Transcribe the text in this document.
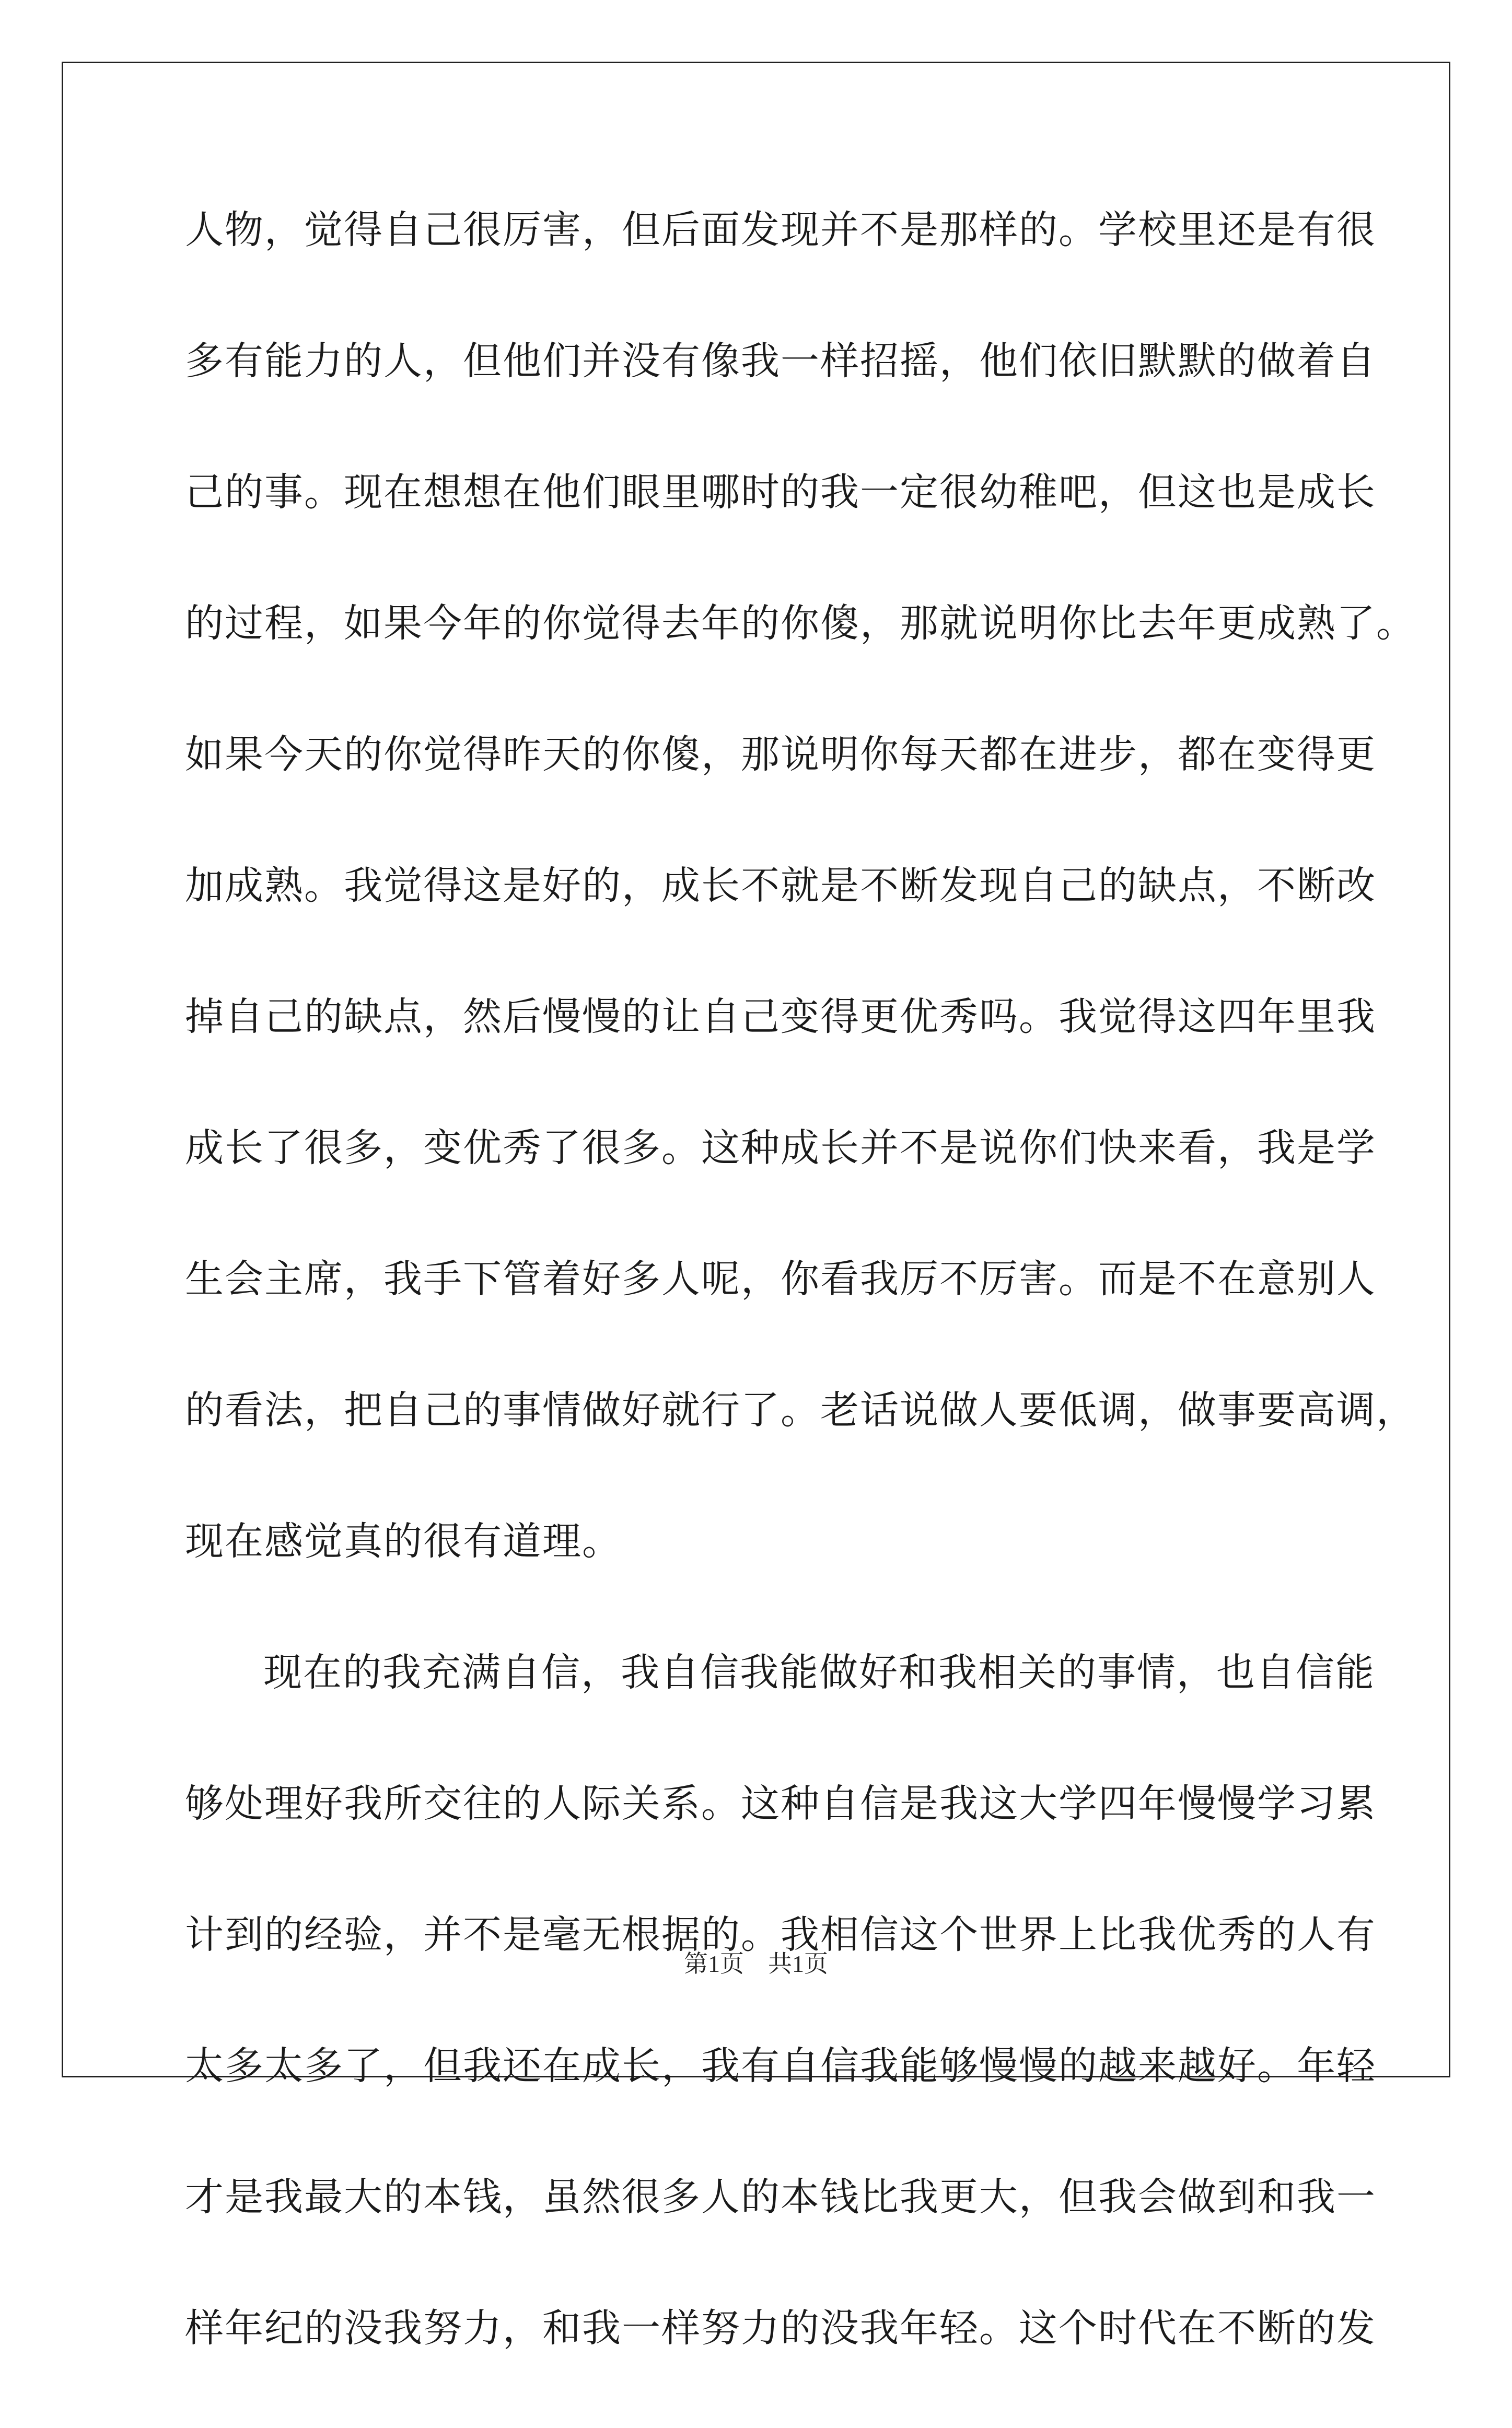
人物，觉得自己很厉害，但后面发现并不是那样的。学校里还是有很
多有能力的人，但他们并没有像我一样招摇，他们依旧默默的做着自
己的事。现在想想在他们眼里哪时的我一定很幼稚吧，但这也是成长
的过程，如果今年的你觉得去年的你傻，那就说明你比去年更成熟了。
如果今天的你觉得昨天的你傻，那说明你每天都在进步，都在变得更
加成熟。我觉得这是好的，成长不就是不断发现自己的缺点，不断改
掉自己的缺点，然后慢慢的让自己变得更优秀吗。我觉得这四年里我
成长了很多，变优秀了很多。这种成长并不是说你们快来看，我是学
生会主席，我手下管着好多人呢，你看我厉不厉害。而是不在意别人
的看法，把自己的事情做好就行了。老话说做人要低调，做事要高调，
现在感觉真的很有道理。
现在的我充满自信，我自信我能做好和我相关的事情，也自信能
够处理好我所交往的人际关系。这种自信是我这大学四年慢慢学习累
计到的经验，并不是毫无根据的。我相信这个世界上比我优秀的人有
太多太多了，但我还在成长，我有自信我能够慢慢的越来越好。年轻
才是我最大的本钱，虽然很多人的本钱比我更大，但我会做到和我一
样年纪的没我努力，和我一样努力的没我年轻。这个时代在不断的发
第1页 共1页
